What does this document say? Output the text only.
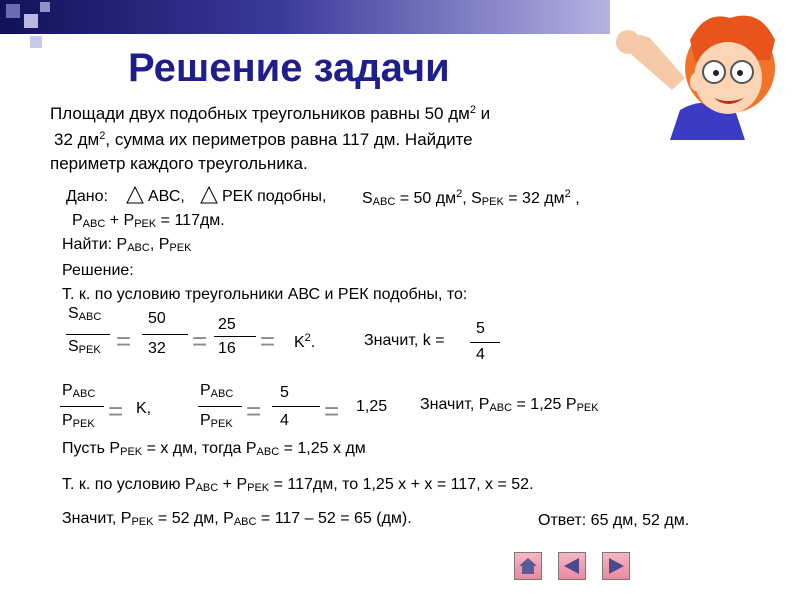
Решение задачи
Площади двух подобных треугольников равны 50 $дм^2$ и
32 $дм^2$, сумма их периметров равна 117 дм. Найдите
периметр каждого треугольника.
Дано:	АВС, РЕК подобны, SABC = 50 $дм^2$, SPEK = 32 $дм^2$ ,
PABC + PPEK = 117дм.
Найти: PABC, PPEK
Решение:
Т. к. по условию треугольники АВС и РЕК подобны, то:
SABC
SPEK =
50
32 =
25
$16 = K^2$.	Значит, k =
5
4
PABC
PPEK = K,
PABC
PPEK =
5
4 = 1,25 Значит, PABC = 1,25 PPEK
Пусть PPEK = х дм, тогда PABC = 1,25 х дм
Т. к. по условию PABC + PPEK = 117дм, то 1,25 х + х = 117, х = 52.
Значит, PPEK = 52 дм, PABC = 117 – 52 = 65 (дм).	Ответ: 65 дм, 52 дм.
